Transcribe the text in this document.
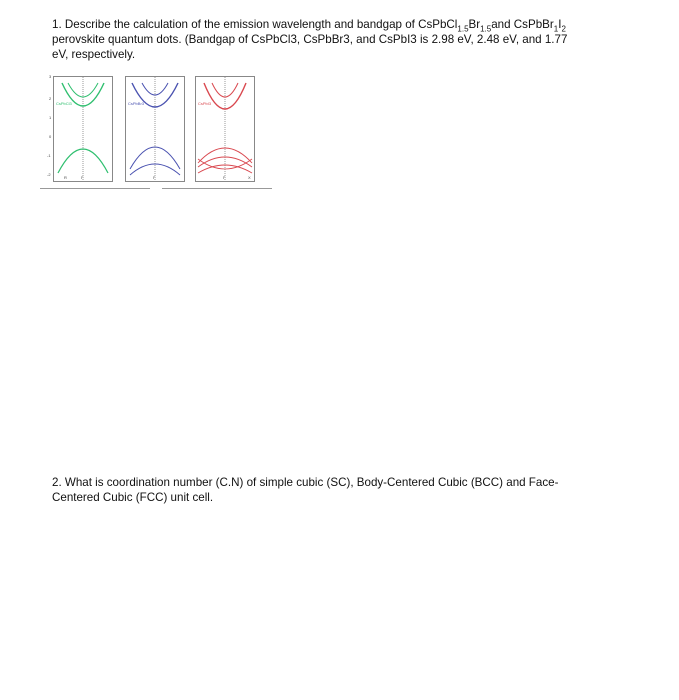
1. Describe the calculation of the emission wavelength and bandgap of $CsPbCl_{1.5}Br_{1.5}and$ $CsPbBr_1I_2$
perovskite quantum dots. (Bandgap of CsPbCl3, CsPbBr3, and CsPbI3 is 2.98 eV, 2.48 eV, and 1.77
eV, respectively.
3
2
1
0
-1
-2
CsPbCl3
R	Γ
CsPbBr3
Γ
CsPbI3
Γ	X
2. What is coordination number (C.N) of simple cubic (SC), Body-Centered Cubic (BCC) and Face-
Centered Cubic (FCC) unit cell.
